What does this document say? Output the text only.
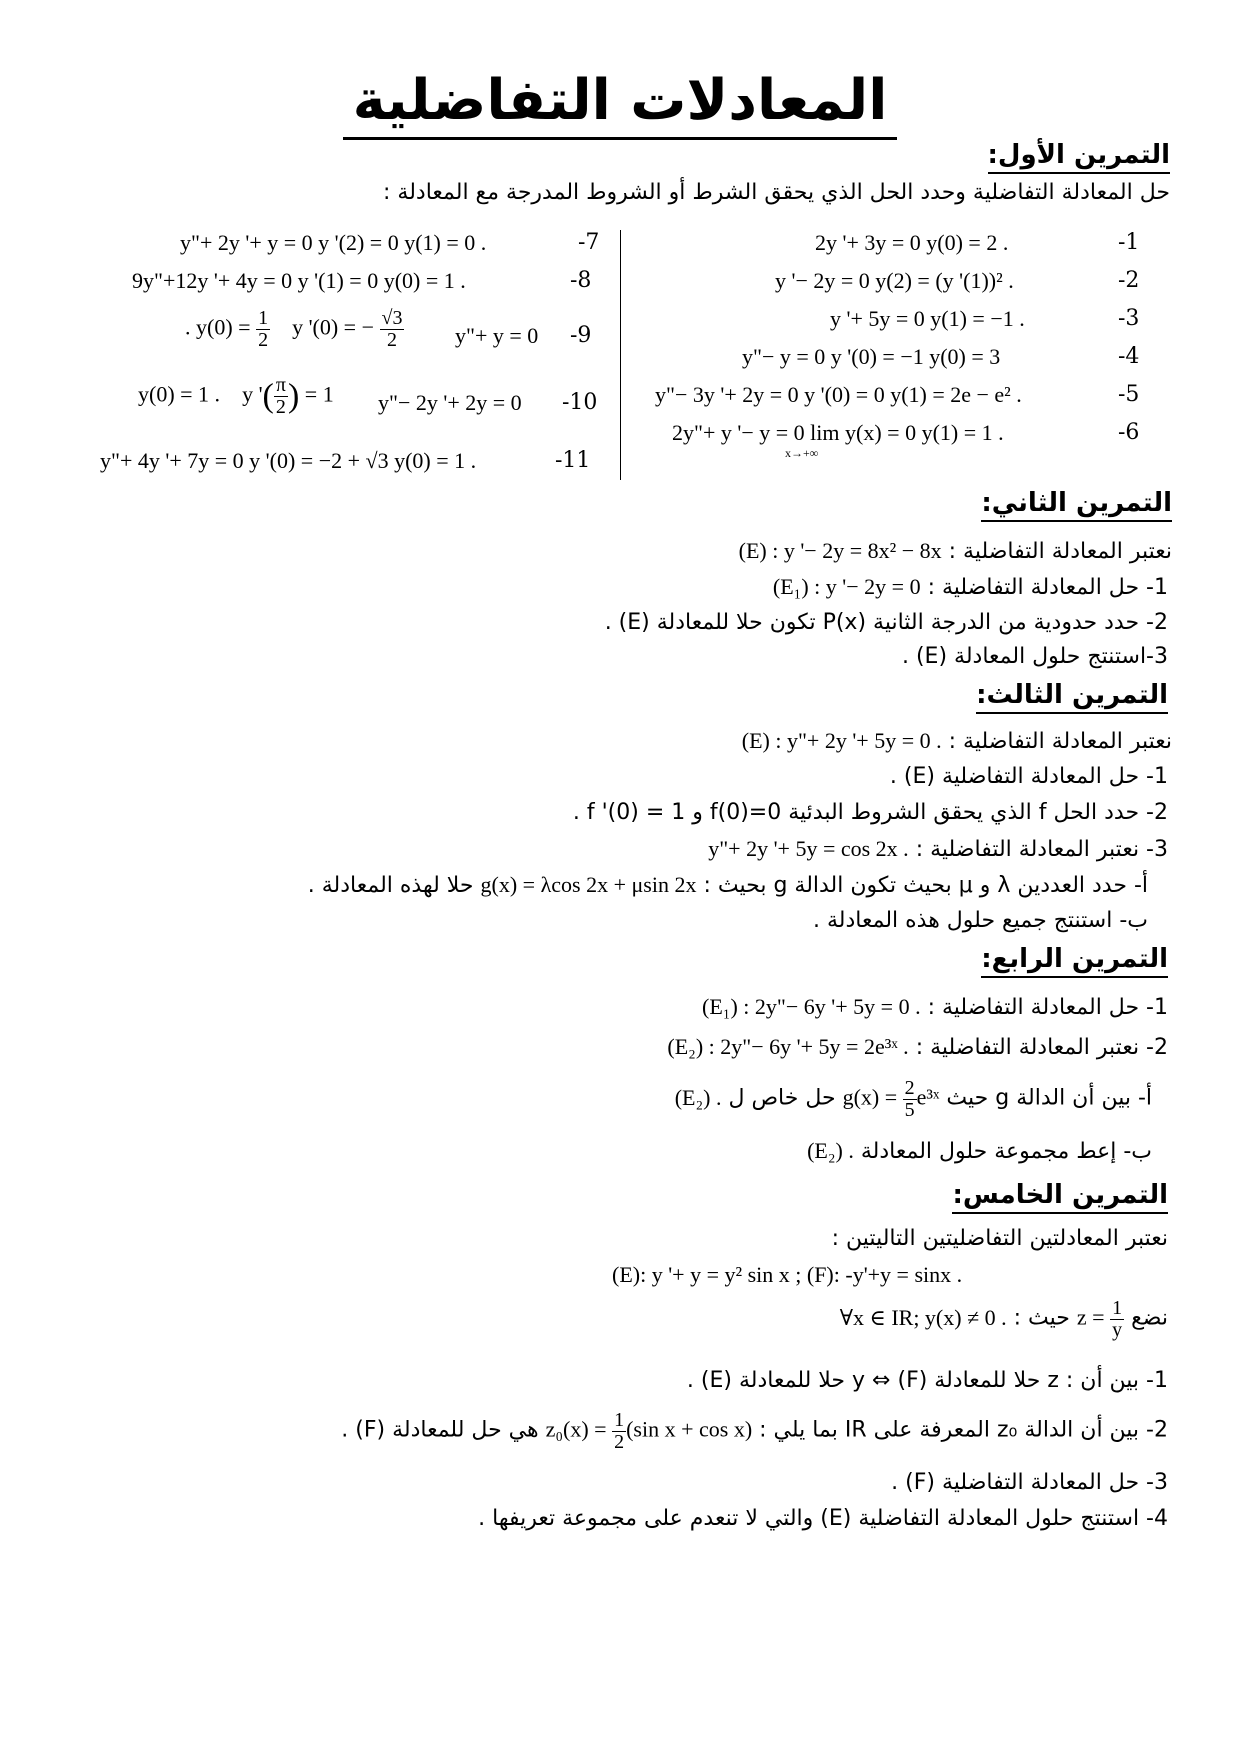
المعادلات التفاضلية
التمرين الأول:
حل المعادلة التفاضلية وحدد الحل الذي يحقق الشرط أو الشروط المدرجة مع المعادلة :
-1
2y '+ 3y = 0 y(0) = 2 .
-2
y '− 2y = 0 y(2) = (y '(1))² .
-3
y '+ 5y = 0 y(1) = −1 .
-4
y"− y = 0 y '(0) = −1 y(0) = 3
-5
y"− 3y '+ 2y = 0 y '(0) = 0 y(1) = 2e − e² .
-6
2y"+ y '− y = 0 lim y(x) = 0 y(1) = 1 .
x→+∞
-7
y"+ 2y '+ y = 0 y '(2) = 0 y(1) = 0 .
-8
9y"+12y '+ 4y = 0 y '(1) = 0 y(0) = 1 .
-9
y"+ y = 0
. $y(0) = \frac{1}{2}$ y '(0) = − $\frac{√3}{2}$
-10
y"− 2y '+ 2y = 0
y(0) = 1 . y '( $\frac{\pi}{2}$ ) = 1
-11
y"+ 4y '+ 7y = 0 y '(0) = −2 + √3 y(0) = 1 .
التمرين الثاني:
نعتبر المعادلة التفاضلية : (E) : y '− 2y = 8x² − 8x
1- حل المعادلة التفاضلية : (E₁) : y '− 2y = 0
2- حدد حدودية من الدرجة الثانية P(x) تكون حلا للمعادلة (E) .
3-استنتج حلول المعادلة (E) .
التمرين الثالث:
نعتبر المعادلة التفاضلية : (E) : y"+ 2y '+ 5y = 0 .
1- حل المعادلة التفاضلية (E) .
2- حدد الحل f الذي يحقق الشروط البدئية f(0)=0 و f '(0) = 1 .
3- نعتبر المعادلة التفاضلية : y"+ 2y '+ 5y = cos 2x .
أ- حدد العددين λ و μ بحيث تكون الدالة g بحيث : g(x) = λcos 2x + μsin 2x حلا لهذه المعادلة .
ب- استنتج جميع حلول هذه المعادلة .
التمرين الرابع:
1- حل المعادلة التفاضلية : (E₁) : 2y"− 6y '+ 5y = 0 .
2- نعتبر المعادلة التفاضلية : (E₂) : 2y"− 6y '+ 5y = 2e³ˣ .
أ- بين أن الدالة g حيث $g(x) = \frac{2}{5}$ e³ˣ حل خاص ل (E₂) .
ب- إعط مجموعة حلول المعادلة (E₂) .
التمرين الخامس:
نعتبر المعادلتين التفاضليتين التاليتين :
(E): y '+ y = y² sin x ; (F): -y'+y = sinx .
نضع $z = \frac{1}{y}$
حيث : ∀x ∈ IR; y(x) ≠ 0 .
1- بين أن : z حلا للمعادلة (F) ⇔ y حلا للمعادلة (E) .
2- بين أن الدالة z₀ المعرفة على IR بما يلي : $z_0(x) = \frac{1}{2} (\sin$ x + cos x) هي حل للمعادلة (F) .
3- حل المعادلة التفاضلية (F) .
4- استنتج حلول المعادلة التفاضلية (E) والتي لا تنعدم على مجموعة تعريفها .
